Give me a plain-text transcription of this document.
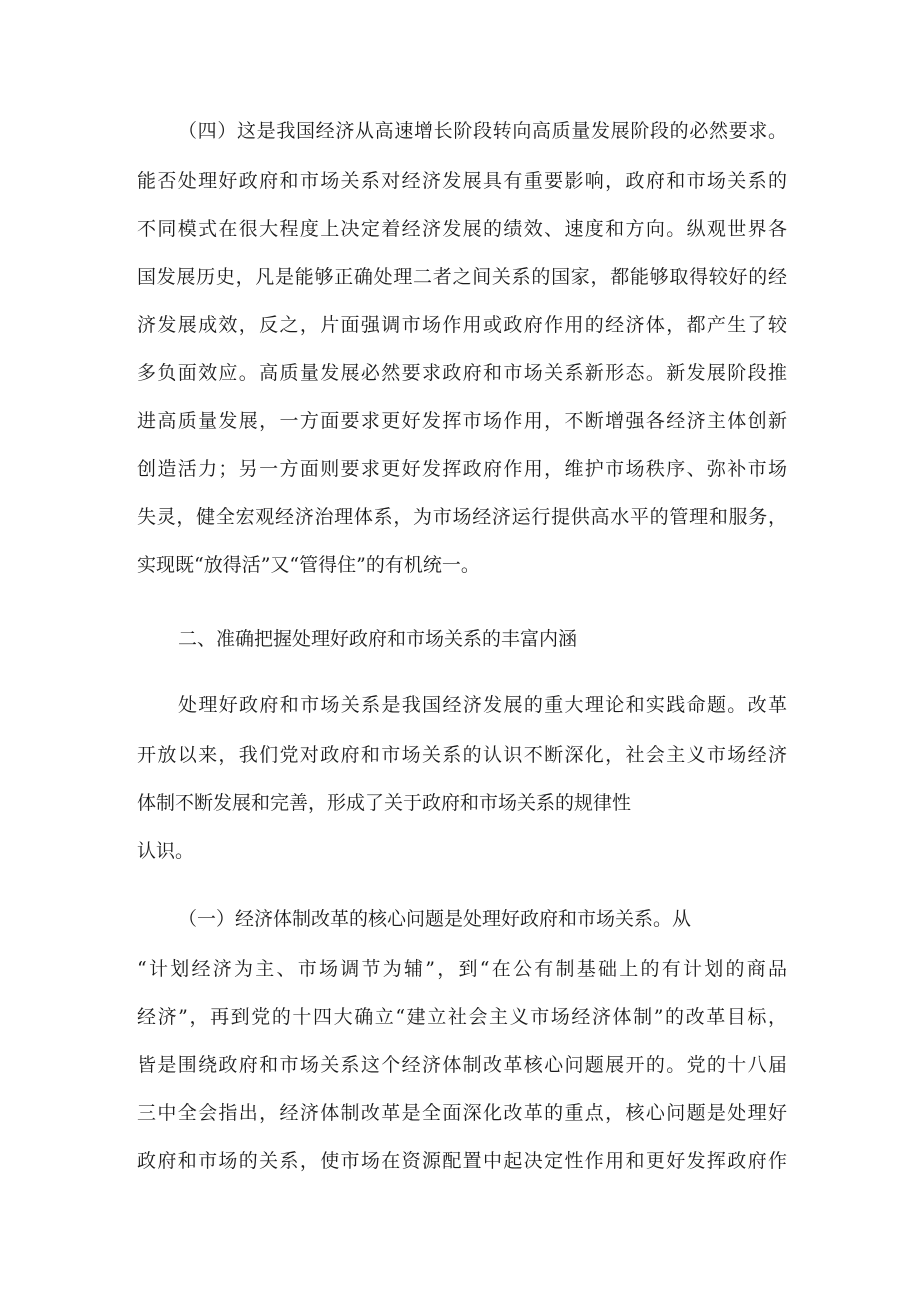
（四）这是我国经济从高速增长阶段转向高质量发展阶段的必然要求。

能否处理好政府和市场关系对经济发展具有重要影响，政府和市场关系的

不同模式在很大程度上决定着经济发展的绩效、速度和方向。纵观世界各

国发展历史，凡是能够正确处理二者之间关系的国家，都能够取得较好的经

济发展成效，反之，片面强调市场作用或政府作用的经济体，都产生了较

多负面效应。高质量发展必然要求政府和市场关系新形态。新发展阶段推

进高质量发展，一方面要求更好发挥市场作用，不断增强各经济主体创新

创造活力；另一方面则要求更好发挥政府作用，维护市场秩序、弥补市场

失灵，健全宏观经济治理体系，为市场经济运行提供高水平的管理和服务，

实现既“放得活”又“管得住”的有机统一。

二、准确把握处理好政府和市场关系的丰富内涵

处理好政府和市场关系是我国经济发展的重大理论和实践命题。改革

开放以来，我们党对政府和市场关系的认识不断深化，社会主义市场经济

体制不断发展和完善，形成了关于政府和市场关系的规律性

认识。

（一）经济体制改革的核心问题是处理好政府和市场关系。从

“计划经济为主、市场调节为辅”，到“在公有制基础上的有计划的商品

经济”，再到党的十四大确立“建立社会主义市场经济体制”的改革目标，

皆是围绕政府和市场关系这个经济体制改革核心问题展开的。党的十八届

三中全会指出，经济体制改革是全面深化改革的重点，核心问题是处理好

政府和市场的关系，使市场在资源配置中起决定性作用和更好发挥政府作
